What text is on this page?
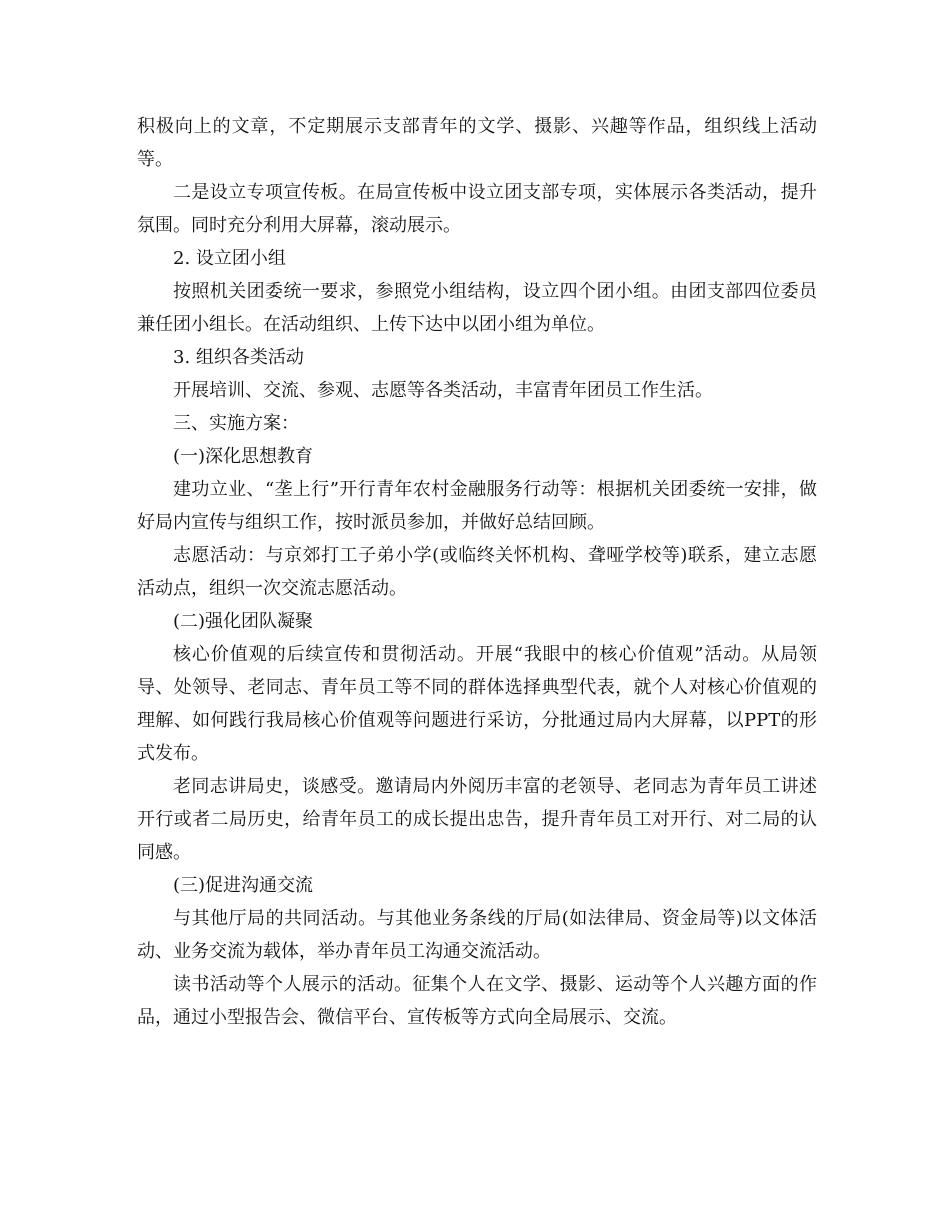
积极向上的文章，不定期展示支部青年的文学、摄影、兴趣等作品，组织线上活动等。

二是设立专项宣传板。在局宣传板中设立团支部专项，实体展示各类活动，提升氛围。同时充分利用大屏幕，滚动展示。

2. 设立团小组

按照机关团委统一要求，参照党小组结构，设立四个团小组。由团支部四位委员兼任团小组长。在活动组织、上传下达中以团小组为单位。

3. 组织各类活动

开展培训、交流、参观、志愿等各类活动，丰富青年团员工作生活。

三、实施方案：

(一)深化思想教育

建功立业、“垄上行”开行青年农村金融服务行动等：根据机关团委统一安排，做好局内宣传与组织工作，按时派员参加，并做好总结回顾。

志愿活动：与京郊打工子弟小学(或临终关怀机构、聋哑学校等)联系，建立志愿活动点，组织一次交流志愿活动。

(二)强化团队凝聚

核心价值观的后续宣传和贯彻活动。开展“我眼中的核心价值观”活动。从局领导、处领导、老同志、青年员工等不同的群体选择典型代表，就个人对核心价值观的理解、如何践行我局核心价值观等问题进行采访，分批通过局内大屏幕，以PPT的形式发布。

老同志讲局史，谈感受。邀请局内外阅历丰富的老领导、老同志为青年员工讲述开行或者二局历史，给青年员工的成长提出忠告，提升青年员工对开行、对二局的认同感。

(三)促进沟通交流

与其他厅局的共同活动。与其他业务条线的厅局(如法律局、资金局等)以文体活动、业务交流为载体，举办青年员工沟通交流活动。

读书活动等个人展示的活动。征集个人在文学、摄影、运动等个人兴趣方面的作品，通过小型报告会、微信平台、宣传板等方式向全局展示、交流。
